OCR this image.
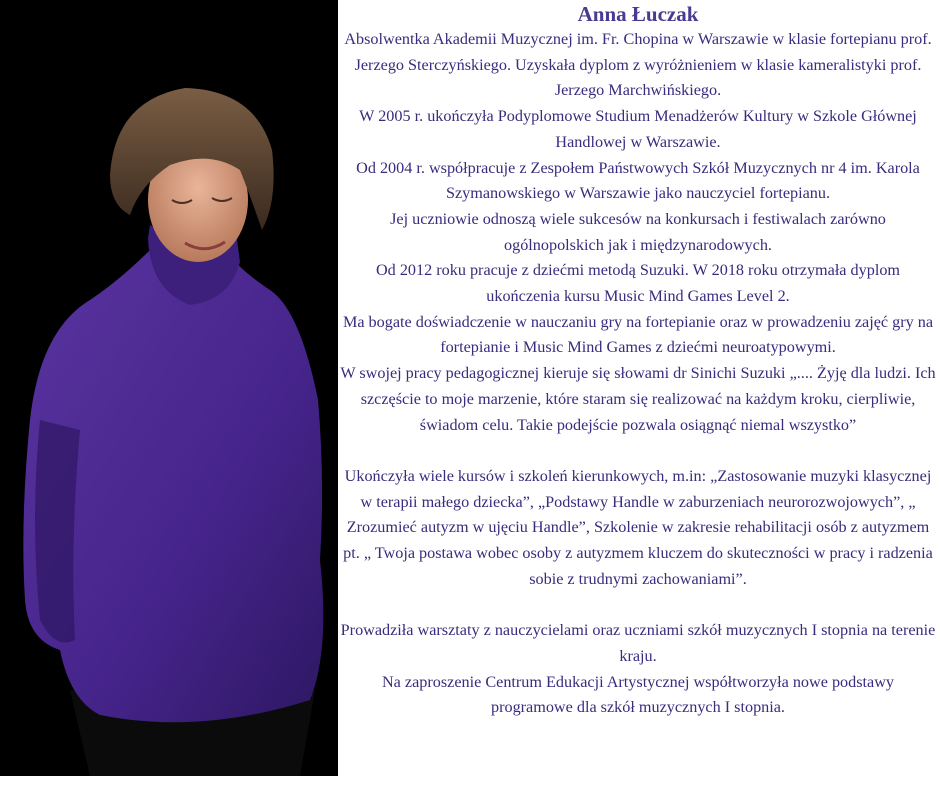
Anna Łuczak

Absolwentka Akademii Muzycznej im. Fr. Chopina w Warszawie w klasie fortepianu prof. Jerzego Sterczyńskiego. Uzyskała dyplom z wyróżnieniem w klasie kameralistyki prof. Jerzego Marchwińskiego.

W 2005 r. ukończyła Podyplomowe Studium Menadżerów Kultury w Szkole Głównej Handlowej w Warszawie.

Od 2004 r. współpracuje z Zespołem Państwowych Szkół Muzycznych nr 4 im. Karola Szymanowskiego w Warszawie jako nauczyciel fortepianu.

Jej uczniowie odnoszą wiele sukcesów na konkursach i festiwalach zarówno ogólnopolskich jak i międzynarodowych.

Od 2012 roku pracuje z dziećmi metodą Suzuki. W 2018 roku otrzymała dyplom ukończenia kursu Music Mind Games Level 2.

Ma bogate doświadczenie w nauczaniu gry na fortepianie oraz w prowadzeniu zajęć gry na fortepianie i Music Mind Games z dziećmi neuroatypowymi.

W swojej pracy pedagogicznej kieruje się słowami dr Sinichi Suzuki „.... Żyję dla ludzi. Ich szczęście to moje marzenie, które staram się realizować na każdym kroku, cierpliwie, świadom celu. Takie podejście pozwala osiągnąć niemal wszystko”

Ukończyła wiele kursów i szkoleń kierunkowych, m.in: „Zastosowanie muzyki klasycznej w terapii małego dziecka”, „Podstawy Handle w zaburzeniach neurorozwojowych”, „ Zrozumieć autyzm w ujęciu Handle”, Szkolenie w zakresie rehabilitacji osób z autyzmem pt. „ Twoja postawa wobec osoby z autyzmem kluczem do skuteczności w pracy i radzenia sobie z trudnymi zachowaniami”.

Prowadziła warsztaty z nauczycielami oraz uczniami szkół muzycznych I stopnia na terenie kraju.

Na zaproszenie Centrum Edukacji Artystycznej współtworzyła nowe podstawy programowe dla szkół muzycznych I stopnia.
